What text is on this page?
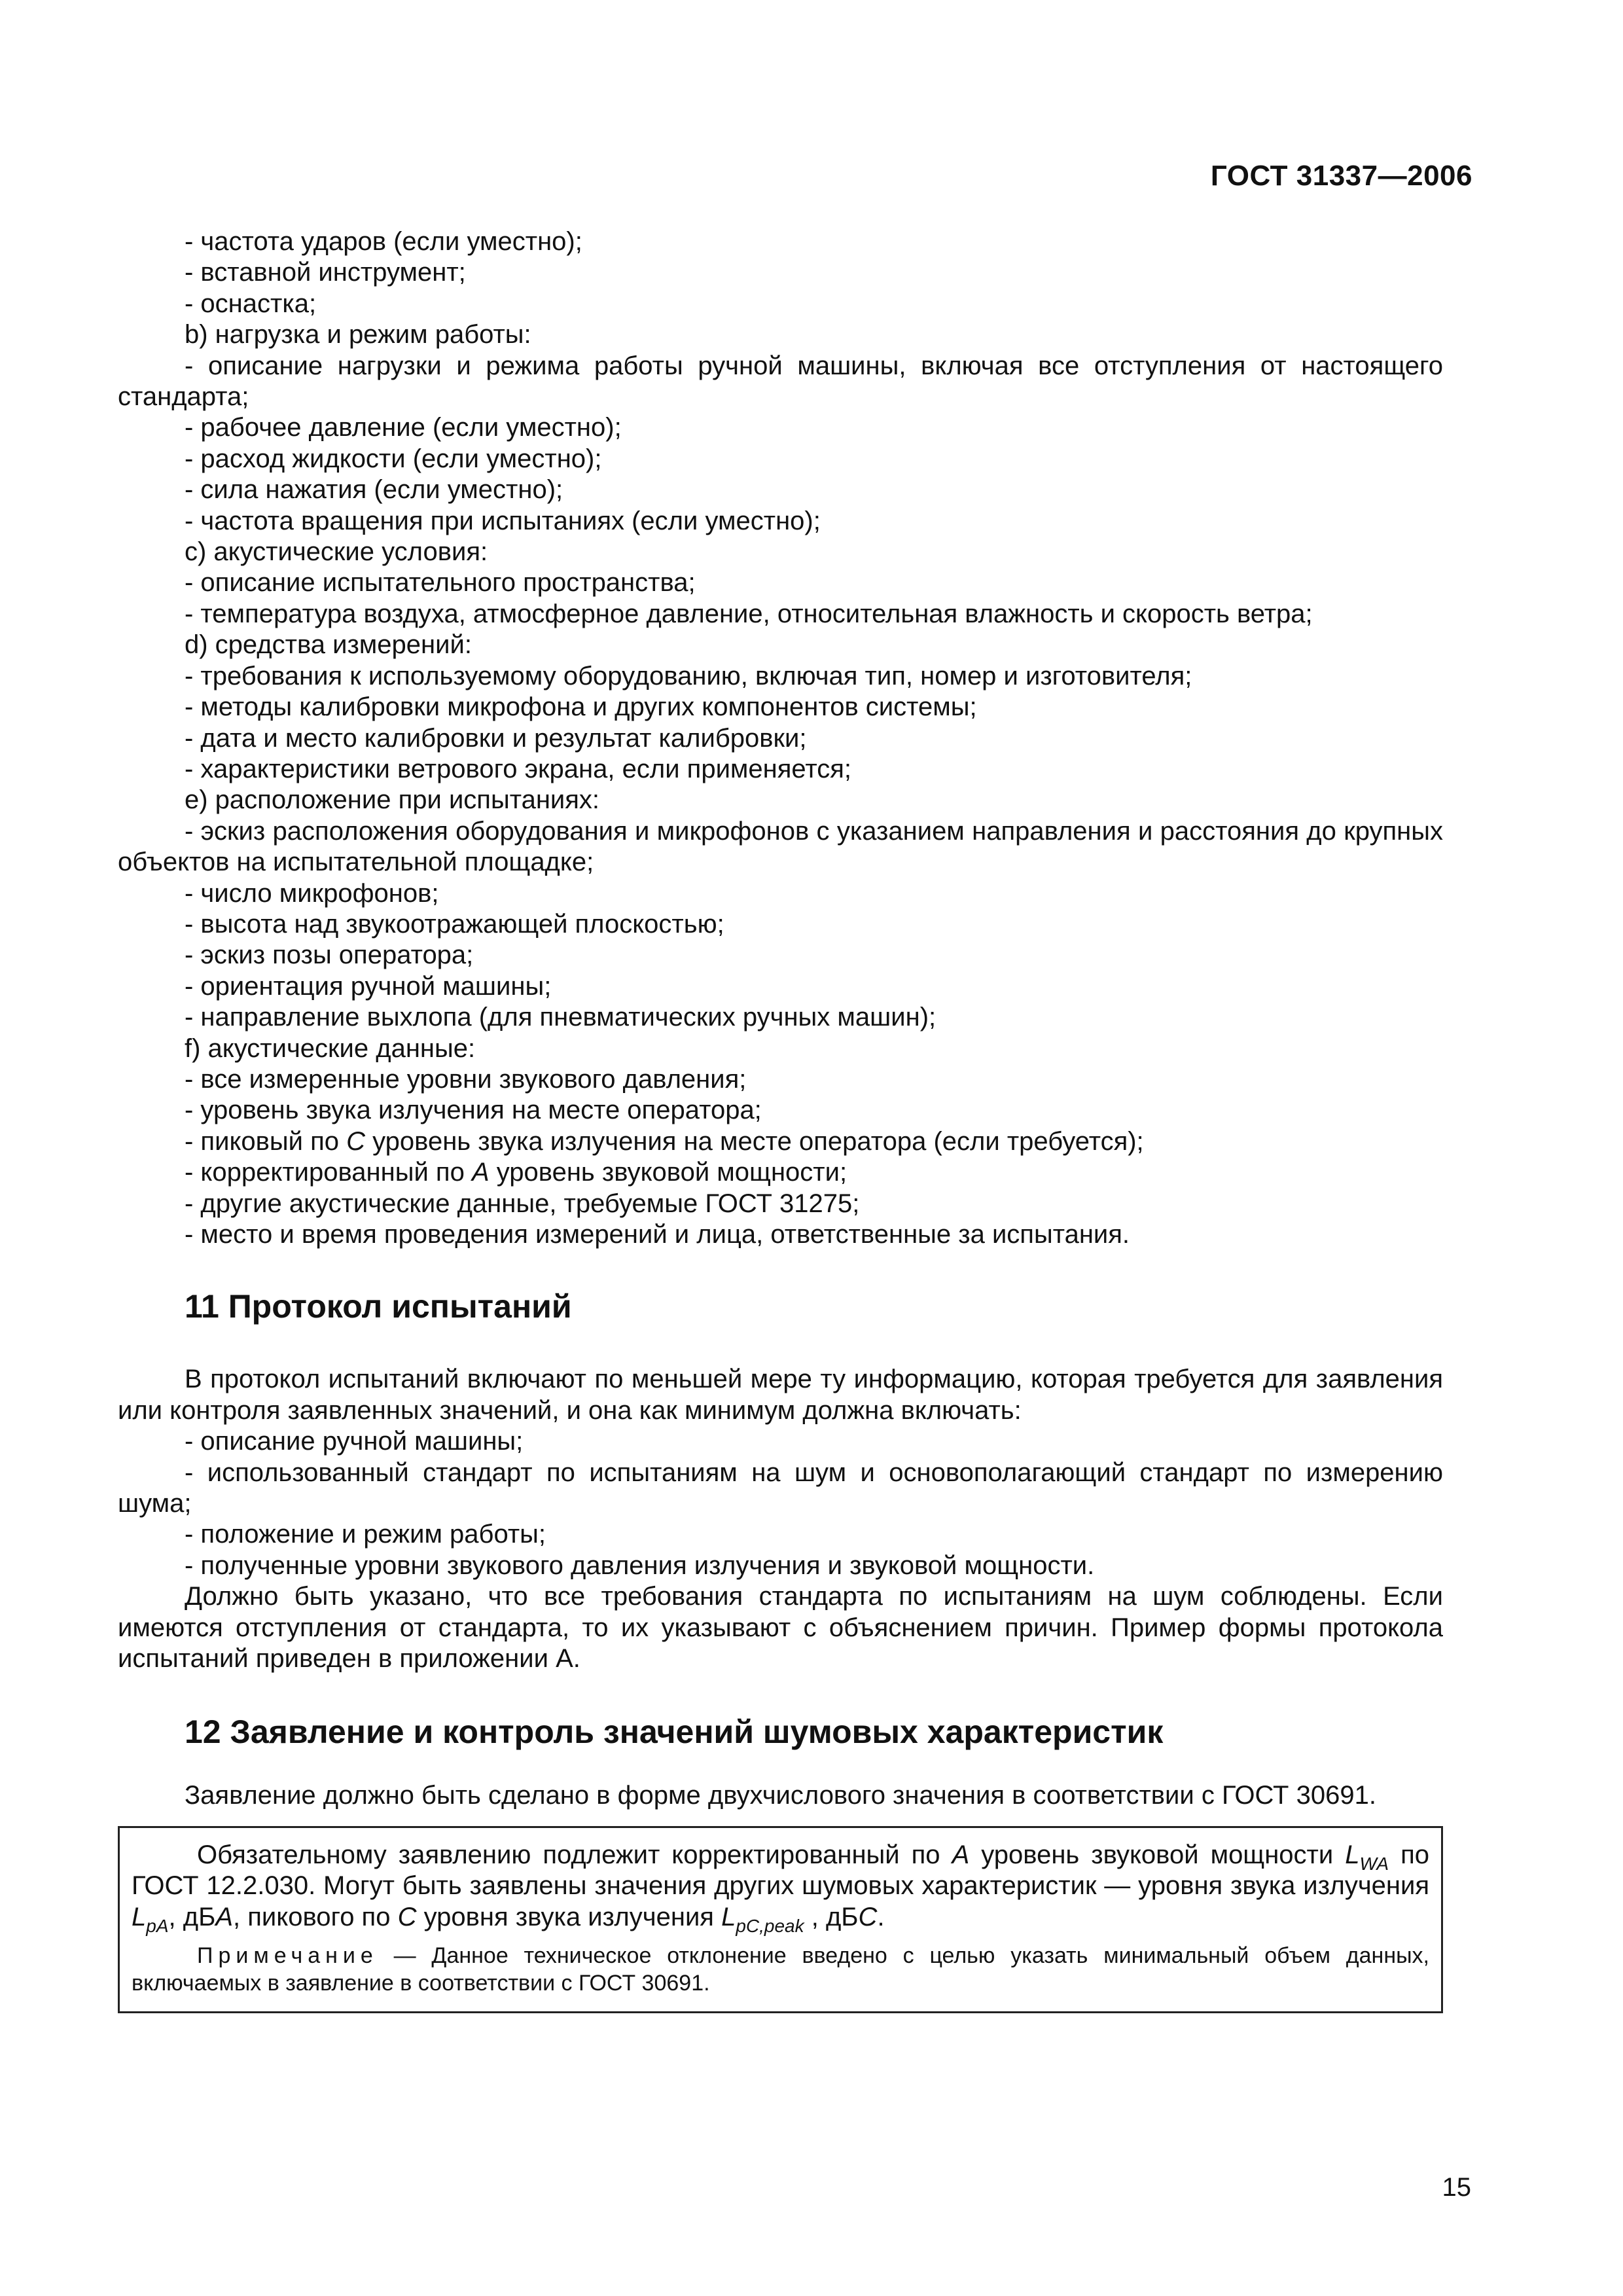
ГОСТ 31337—2006

- частота ударов (если уместно);

- вставной инструмент;

- оснастка;

b) нагрузка и режим работы:

- описание нагрузки и режима работы ручной машины, включая все отступления от настоящего стандарта;

- рабочее давление (если уместно);

- расход жидкости (если уместно);

- сила нажатия (если уместно);

- частота вращения при испытаниях (если уместно);

c) акустические условия:

- описание испытательного пространства;

- температура воздуха, атмосферное давление, относительная влажность и скорость ветра;

d) средства измерений:

- требования к используемому оборудованию, включая тип, номер и изготовителя;

- методы калибровки микрофона и других компонентов системы;

- дата и место калибровки и результат калибровки;

- характеристики ветрового экрана, если применяется;

e) расположение при испытаниях:

- эскиз расположения оборудования и микрофонов с указанием направления и расстояния до крупных объектов на испытательной площадке;

- число микрофонов;

- высота над звукоотражающей плоскостью;

- эскиз позы оператора;

- ориентация ручной машины;

- направление выхлопа (для пневматических ручных машин);

f) акустические данные:

- все измеренные уровни звукового давления;

- уровень звука излучения на месте оператора;

- пиковый по C уровень звука излучения на месте оператора (если требуется);

- корректированный по A уровень звуковой мощности;

- другие акустические данные, требуемые ГОСТ 31275;

- место и время проведения измерений и лица, ответственные за испытания.

11 Протокол испытаний

В протокол испытаний включают по меньшей мере ту информацию, которая требуется для заявления или контроля заявленных значений, и она как минимум должна включать:

- описание ручной машины;

- использованный стандарт по испытаниям на шум и основополагающий стандарт по измерению шума;

- положение и режим работы;

- полученные уровни звукового давления излучения и звуковой мощности.

Должно быть указано, что все требования стандарта по испытаниям на шум соблюдены. Если имеются отступления от стандарта, то их указывают с объяснением причин. Пример формы протокола испытаний приведен в приложении А.

12 Заявление и контроль значений шумовых характеристик

Заявление должно быть сделано в форме двухчислового значения в соответствии с ГОСТ 30691.

Обязательному заявлению подлежит корректированный по A уровень звуковой мощности $L_{WA}$ по ГОСТ 12.2.030. Могут быть заявлены значения других шумовых характеристик — уровня звука излучения $L_{pA}$, дБA, пикового по C уровня звука излучения $L_{pC,peak}$ , дБC.

Примечание — Данное техническое отклонение введено с целью указать минимальный объем данных, включаемых в заявление в соответствии с ГОСТ 30691.

15
